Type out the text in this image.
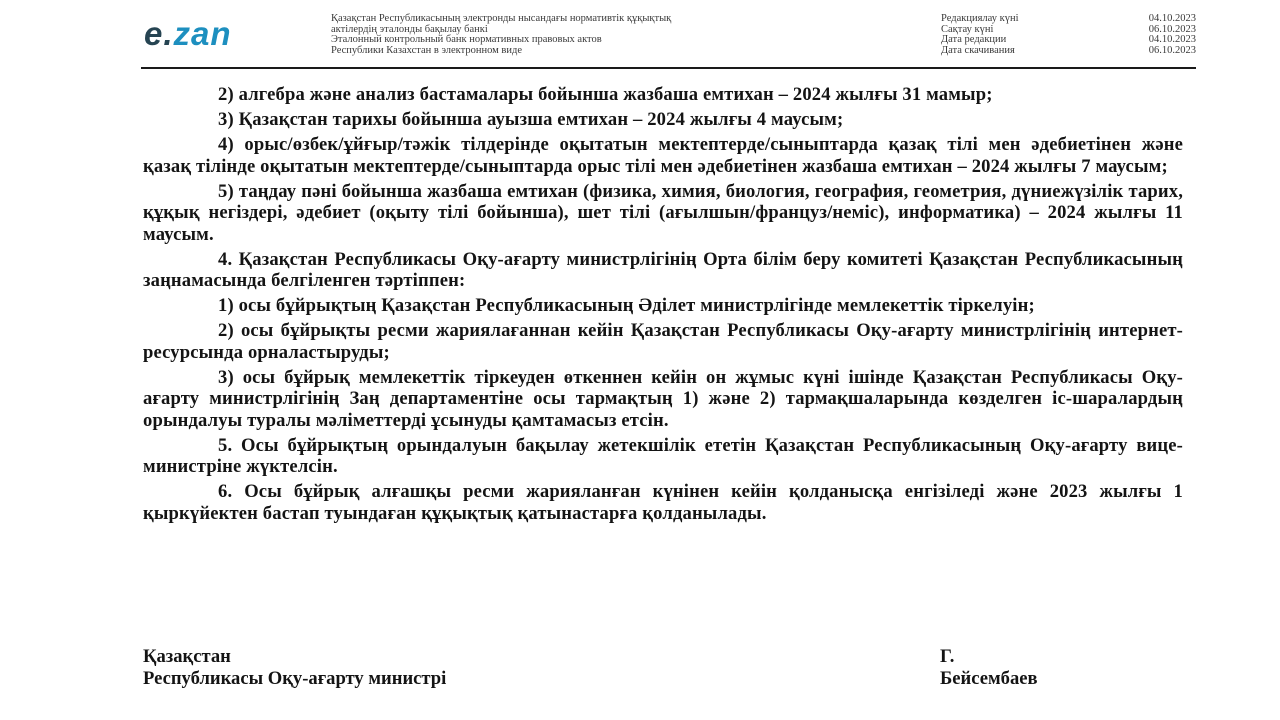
e.zan	Қазақстан Республикасының электронды нысандағы нормативтік құқықтық
актілердің эталонды бақылау банкі
Эталонный контрольный банк нормативных правовых актов
Республики Казахстан в электронном виде
Редакциялау күні	04.10.2023
Сақтау күні	06.10.2023
Дата редакции	04.10.2023
Дата скачивания	06.10.2023

2) алгебра және анализ бастамалары бойынша жазбаша емтихан – 2024 жылғы 31 мамыр;

3) Қазақстан тарихы бойынша ауызша емтихан – 2024 жылғы 4 маусым;

4) орыс/өзбек/ұйғыр/тәжік тілдерінде оқытатын мектептерде/сыныптарда қазақ тілі мен әдебиетінен және қазақ тілінде оқытатын мектептерде/сыныптарда орыс тілі мен әдебиетінен жазбаша емтихан – 2024 жылғы 7 маусым;

5) таңдау пәні бойынша жазбаша емтихан (физика, химия, биология, география, геометрия, дүниежүзілік тарих, құқық негіздері, әдебиет (оқыту тілі бойынша), шет тілі (ағылшын/француз/неміс), информатика) – 2024 жылғы 11 маусым.

4. Қазақстан Республикасы Оқу-ағарту министрлігінің Орта білім беру комитеті Қазақстан Республикасының заңнамасында белгіленген тәртіппен:

1) осы бұйрықтың Қазақстан Республикасының Әділет министрлігінде мемлекеттік тіркелуін;

2) осы бұйрықты ресми жариялағаннан кейін Қазақстан Республикасы Оқу-ағарту министрлігінің интернет-ресурсында орналастыруды;

3) осы бұйрық мемлекеттік тіркеуден өткеннен кейін он жұмыс күні ішінде Қазақстан Республикасы Оқу-ағарту министрлігінің Заң департаментіне осы тармақтың 1) және 2) тармақшаларында көзделген іс-шаралардың орындалуы туралы мәліметтерді ұсынуды қамтамасыз етсін.

5. Осы бұйрықтың орындалуын бақылау жетекшілік ететін Қазақстан Республикасының Оқу-ағарту вице-министріне жүктелсін.

6. Осы бұйрық алғашқы ресми жарияланған күнінен кейін қолданысқа енгізіледі және 2023 жылғы 1 қыркүйектен бастап туындаған құқықтық қатынастарға қолданылады.

Қазақстан
Республикасы Оқу-ағарту министрі
Г.
Бейсембаев
